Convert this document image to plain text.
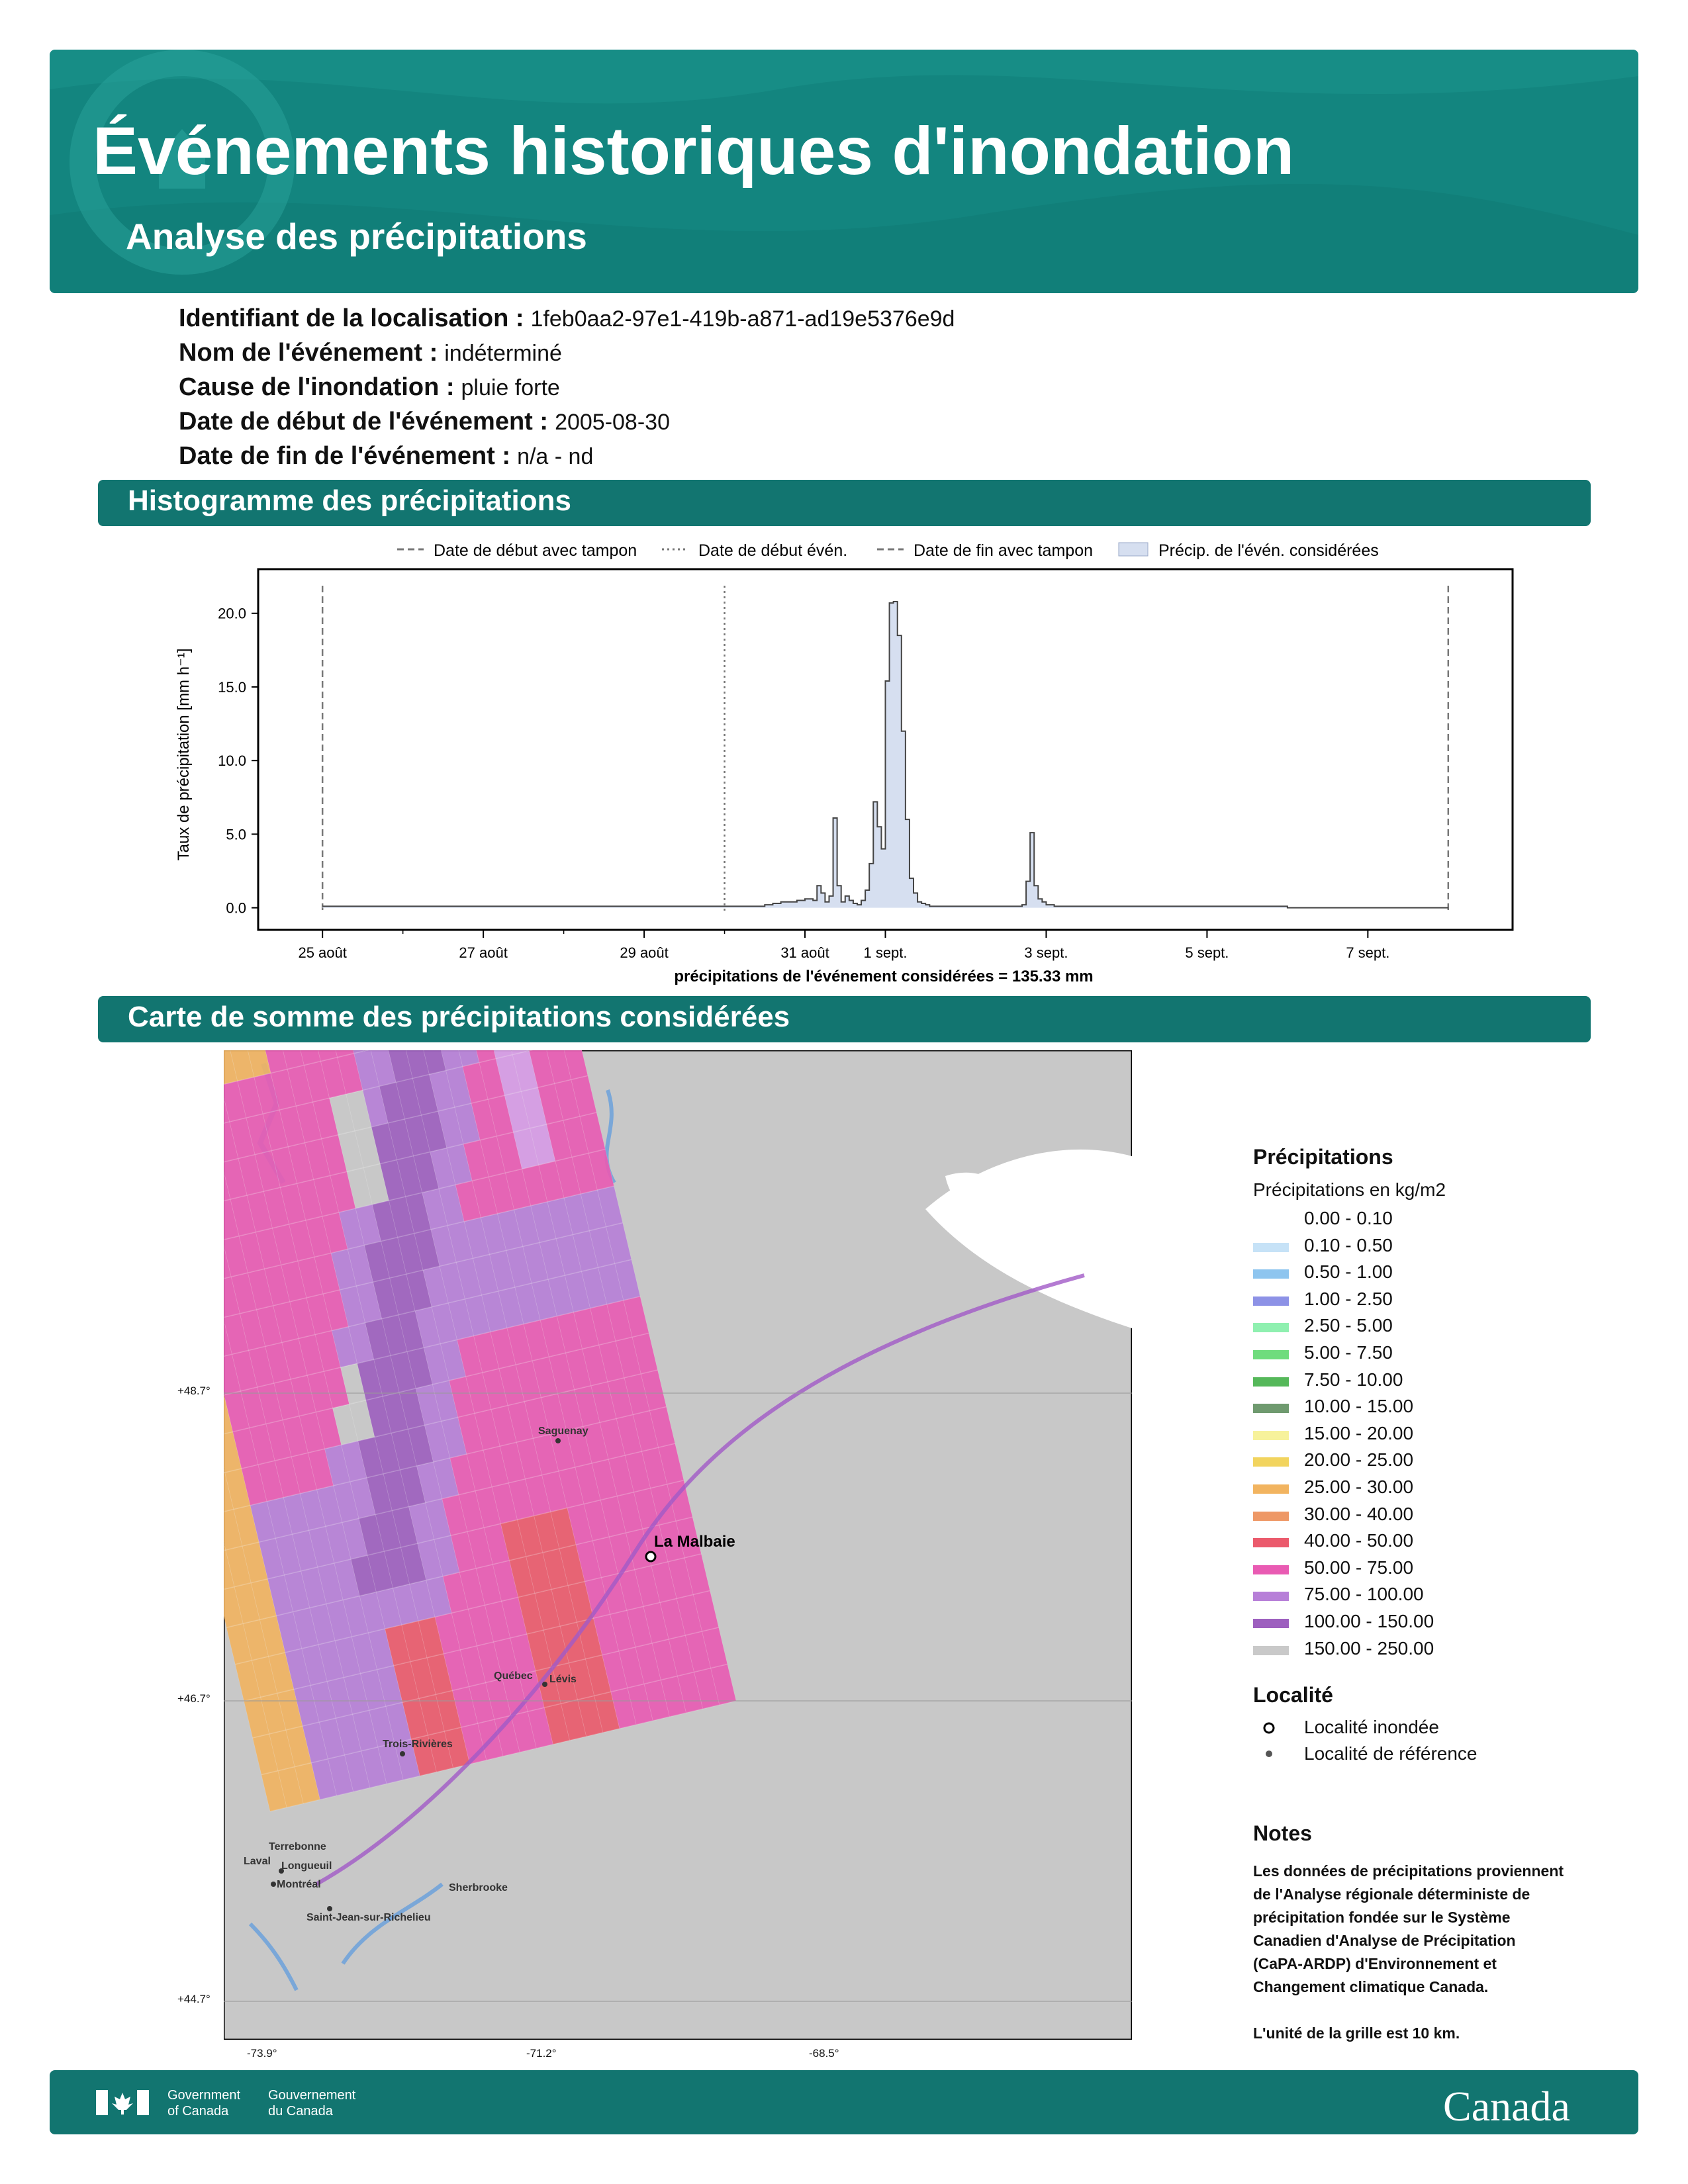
Événements historiques d'inondation
Analyse des précipitations
Identifiant de la localisation : 1feb0aa2-97e1-419b-a871-ad19e5376e9d
Nom de l'événement : indéterminé
Cause de l'inondation : pluie forte
Date de début de l'événement : 2005-08-30
Date de fin de l'événement : n/a - nd
Histogramme des précipitations
Date de début avec tampon	Date de début évén.	Date de fin avec tampon	Précip. de l'évén. considérées
0.0
5.0
10.0
15.0
20.0
25 août	27 août	29 août	31 août 1 sept.	3 sept.	5 sept.	7 sept.
Taux de précipitation [mm h⁻¹]
précipitations de l'événement considérées = 135.33 mm
Carte de somme des précipitations considérées
Saguenay
La Malbaie
Québec Lévis
Trois-Rivières
Terrebonne
Laval Longueuil
Montréal	Sherbrooke
Saint-Jean-sur-Richelieu
+48.7°
+46.7°
+44.7°
-73.9°	-71.2°	-68.5°
Précipitations
Précipitations en kg/m2
0.00 - 0.10
0.10 - 0.50
0.50 - 1.00
1.00 - 2.50
2.50 - 5.00
5.00 - 7.50
7.50 - 10.00
10.00 - 15.00
15.00 - 20.00
20.00 - 25.00
25.00 - 30.00
30.00 - 40.00
40.00 - 50.00
50.00 - 75.00
75.00 - 100.00
100.00 - 150.00
150.00 - 250.00
Localité
Localité inondée
Localité de référence
Notes
Les données de précipitations proviennent
de l'Analyse régionale déterministe de
précipitation fondée sur le Système
Canadien d'Analyse de Précipitation
(CaPA-ARDP) d'Environnement et
Changement climatique Canada.
L'unité de la grille est 10 km.
Government
of Canada
Gouvernement
du Canada	Canada
